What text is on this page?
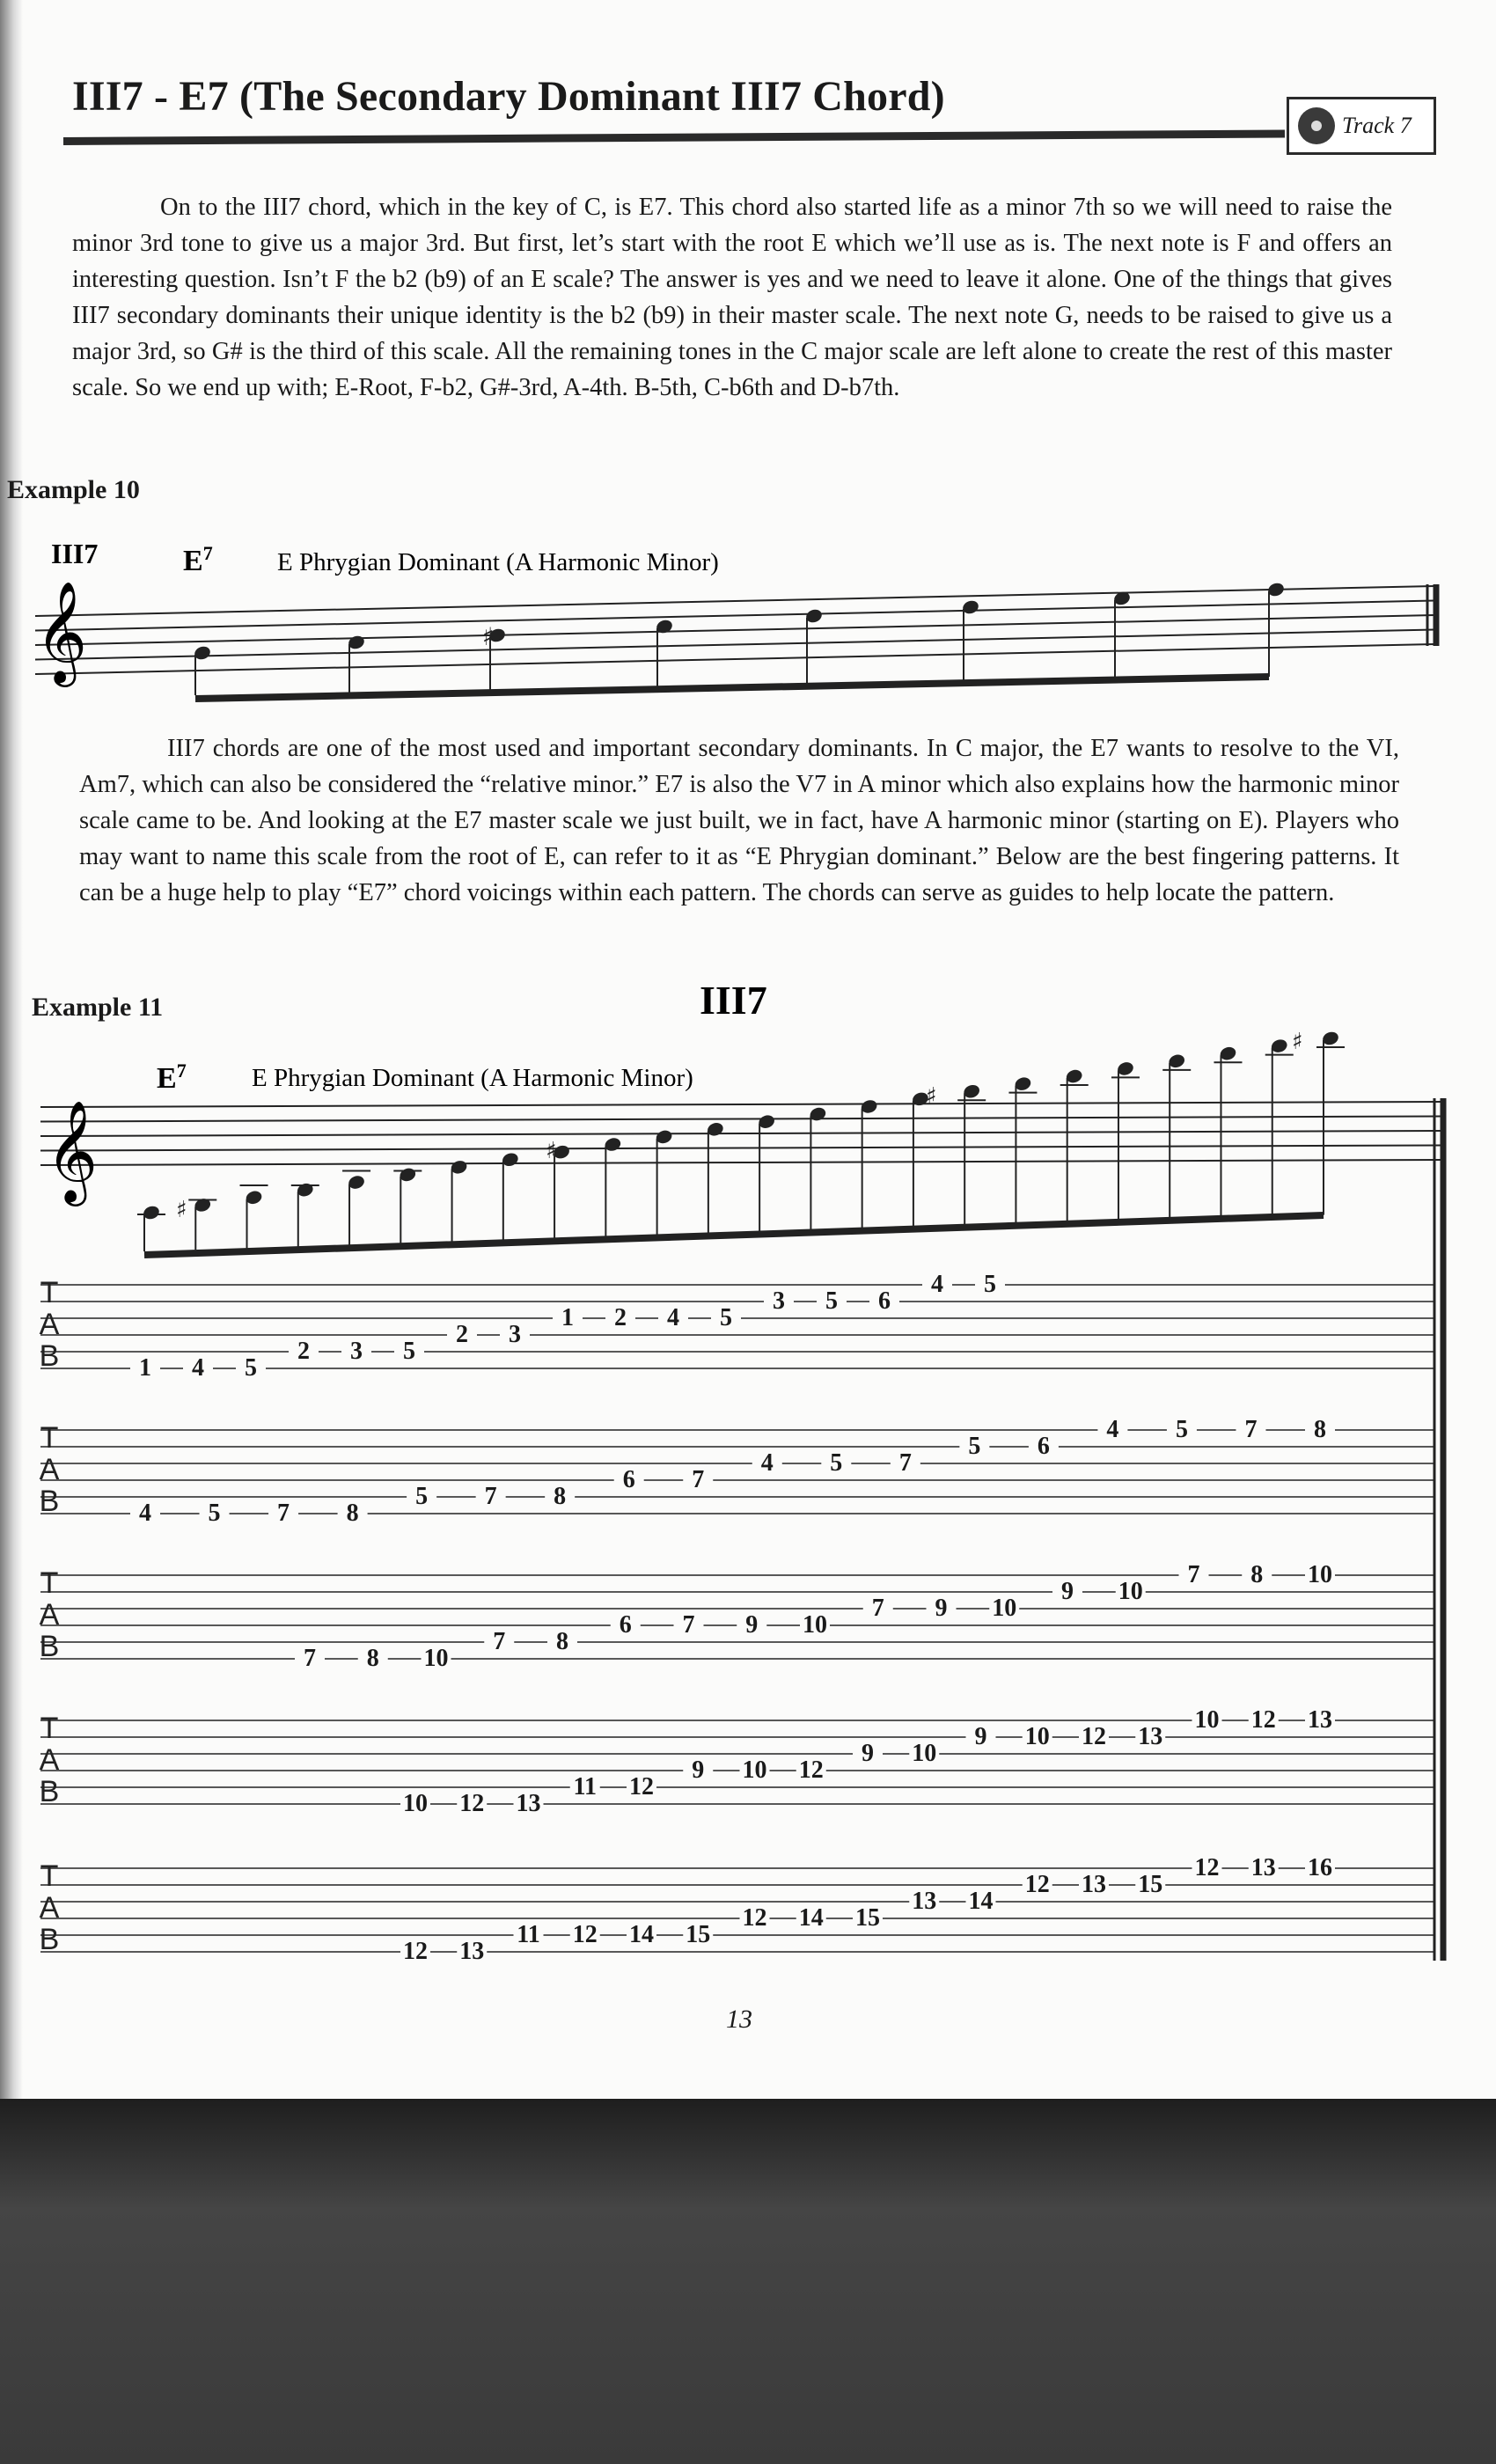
III7 - E7 (The Secondary Dominant III7 Chord)
Track 7

On to the III7 chord, which in the key of C, is E7. This chord also started life as a minor 7th so we will need to raise the minor 3rd tone to give us a major 3rd. But first, let’s start with the root E which we’ll use as is. The next note is F and offers an interesting question. Isn’t F the b2 (b9) of an E scale? The answer is yes and we need to leave it alone. One of the things that gives III7 secondary dominants their unique identity is the b2 (b9) in their master scale. The next note G, needs to be raised to give us a major 3rd, so G# is the third of this scale. All the remaining tones in the C major scale are left alone to create the rest of this master scale. So we end up with; E-Root, F-b2, G#-3rd, A-4th. B-5th, C-b6th and D-b7th.

Example 10

III7 chords are one of the most used and important secondary dominants. In C major, the E7 wants to resolve to the VI, Am7, which can also be considered the “relative minor.” E7 is also the V7 in A minor which also explains how the harmonic minor scale came to be. And looking at the E7 master scale we just built, we in fact, have A harmonic minor (starting on E). Players who may want to name this scale from the root of E, can refer to it as “E Phrygian dominant.” Below are the best fingering patterns. It can be a huge help to play “E7” chord voicings within each pattern. The chords can serve as guides to help locate the pattern.

Example 11

III7	$E^7$	E Phrygian Dominant (A Harmonic Minor)
𝄞	♯
III7
$E^7$	E Phrygian Dominant (A Harmonic Minor)
𝄞
♯
♯
♯
♯
T
A
B	1 4 5
2 3 5
2 3
1 2 4 5
3 5 6
4 5
T
A
B	4 5 7 8
5 7 8
6 7
4 5 7
5 6
4 5 7 8
T
A
B	7 8 10
7 8
6 7 9 10
7 9 10
9 10
7 8 10
T
A
B	10 12 13
11 12
9 10 12
9 10
9 10 12 13
10 12 13
T
A
B	12 13
11 12 14 15
12 14 15
13 14
12 13 15
12 13 16
13
